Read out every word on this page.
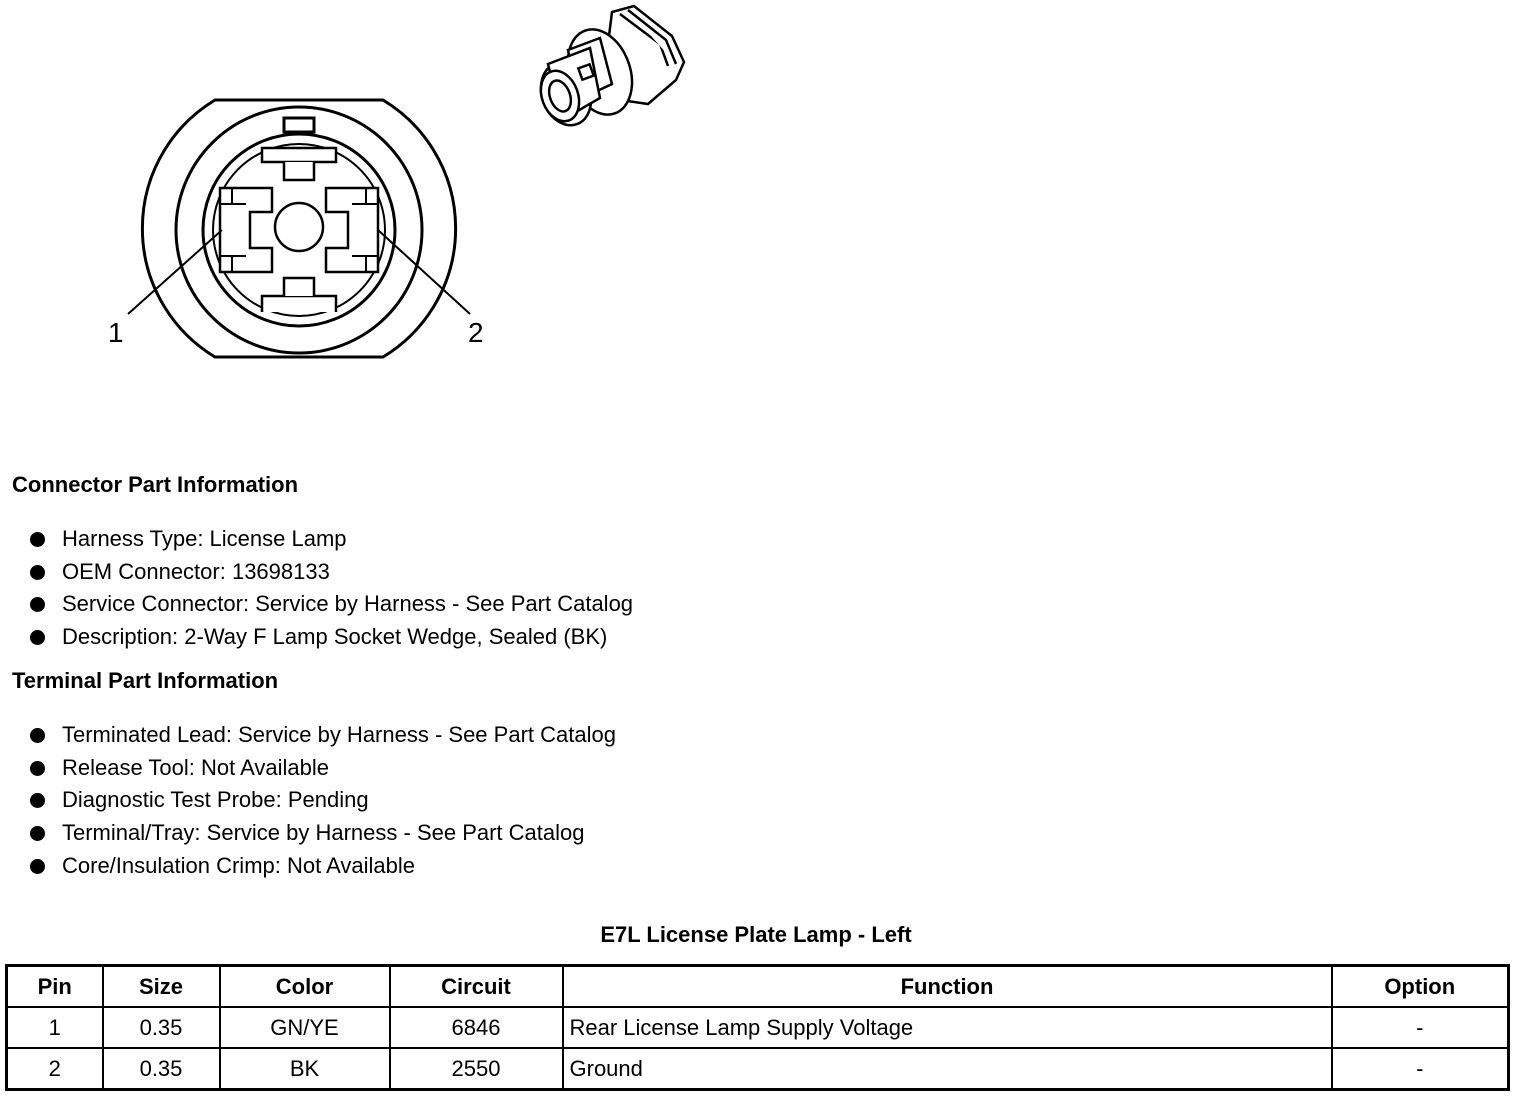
1	2
Connector Part Information
Harness Type: License Lamp
OEM Connector: 13698133
Service Connector: Service by Harness - See Part Catalog
Description: 2-Way F Lamp Socket Wedge, Sealed (BK)
Terminal Part Information
Terminated Lead: Service by Harness - See Part Catalog
Release Tool: Not Available
Diagnostic Test Probe: Pending
Terminal/Tray: Service by Harness - See Part Catalog
Core/Insulation Crimp: Not Available
E7L License Plate Lamp - Left
Pin	Size	Color	Circuit	Function	Option
1	0.35	GN/YE	6846	Rear License Lamp Supply Voltage	-
2	0.35	BK	2550	Ground	-
